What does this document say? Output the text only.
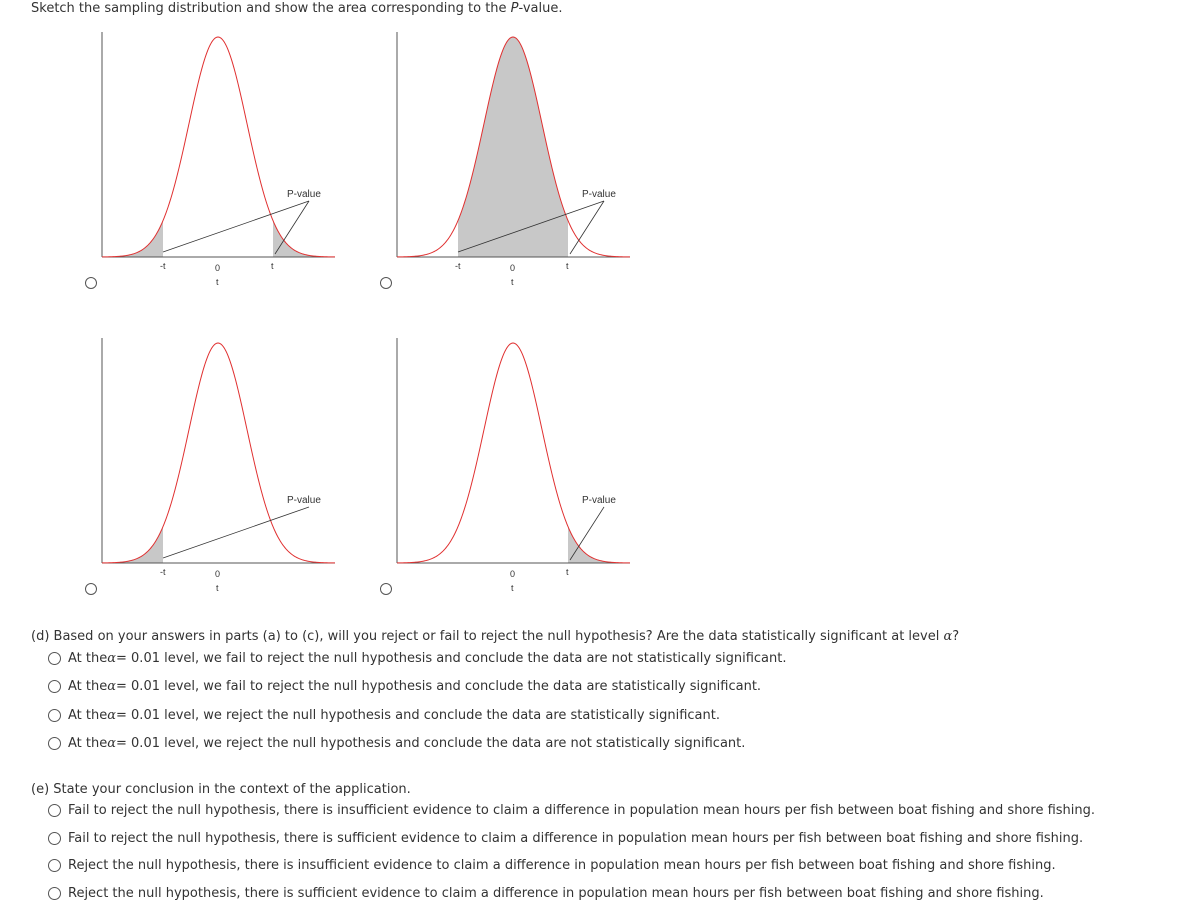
Sketch the sampling distribution and show the area corresponding to the P-value.
P-value
-t	0	t
t
P-value
-t	0	t
t
P-value
-t	0
t
P-value
0	t
t
(d) Based on your answers in parts (a) to (c), will you reject or fail to reject the null hypothesis? Are the data statistically significant at level α?
At the α = 0.01 level, we fail to reject the null hypothesis and conclude the data are not statistically significant.
At the α = 0.01 level, we fail to reject the null hypothesis and conclude the data are statistically significant.
At the α = 0.01 level, we reject the null hypothesis and conclude the data are statistically significant.
At the α = 0.01 level, we reject the null hypothesis and conclude the data are not statistically significant.
(e) State your conclusion in the context of the application.
Fail to reject the null hypothesis, there is insufficient evidence to claim a difference in population mean hours per fish between boat fishing and shore fishing.
Fail to reject the null hypothesis, there is sufficient evidence to claim a difference in population mean hours per fish between boat fishing and shore fishing.
Reject the null hypothesis, there is insufficient evidence to claim a difference in population mean hours per fish between boat fishing and shore fishing.
Reject the null hypothesis, there is sufficient evidence to claim a difference in population mean hours per fish between boat fishing and shore fishing.
